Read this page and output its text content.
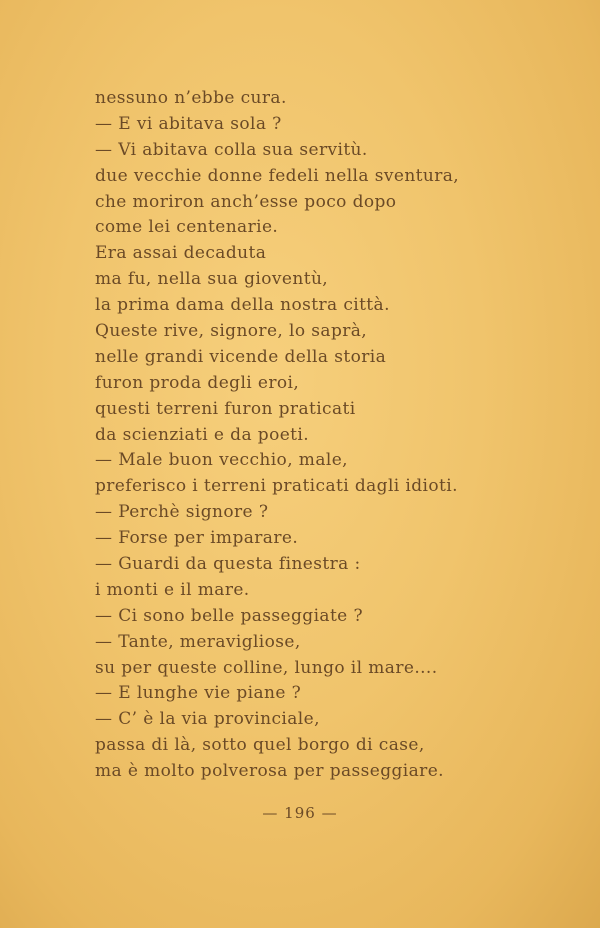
nessuno n’ebbe cura.
— E vi abitava sola ?
— Vi abitava colla sua servitù.
due vecchie donne fedeli nella sventura,
che moriron anch’esse poco dopo
come lei centenarie.
Era assai decaduta
ma fu, nella sua gioventù,
la prima dama della nostra città.
Queste rive, signore, lo saprà,
nelle grandi vicende della storia
furon proda degli eroi,
questi terreni furon praticati
da scienziati e da poeti.
— Male buon vecchio, male,
preferisco i terreni praticati dagli idioti.
— Perchè signore ?
— Forse per imparare.
— Guardi da questa finestra :
i monti e il mare.
— Ci sono belle passeggiate ?
— Tante, meravigliose,
su per queste colline, lungo il mare....
— E lunghe vie piane ?
— C’ è la via provinciale,
passa di là, sotto quel borgo di case,
ma è molto polverosa per passeggiare.
— 196 —
